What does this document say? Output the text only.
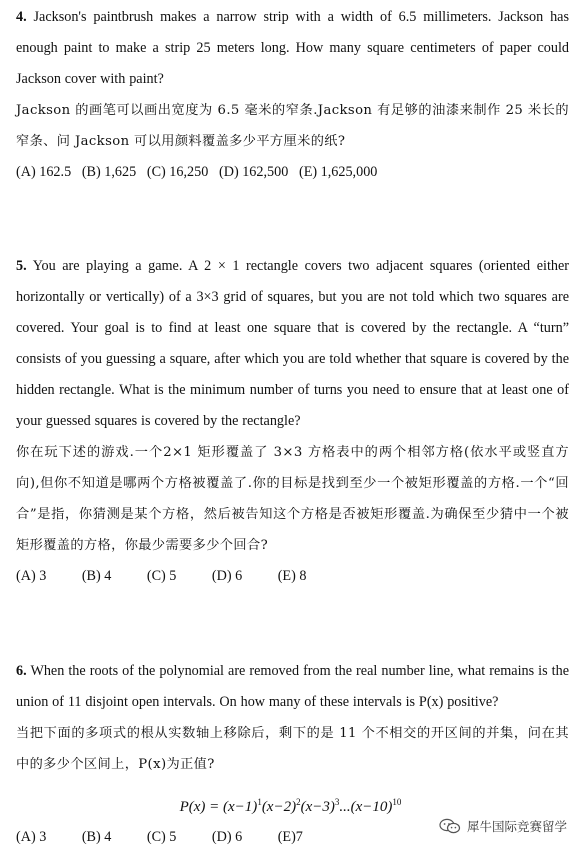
4. Jackson's paintbrush makes a narrow strip with a width of 6.5 millimeters. Jackson has enough paint to make a strip 25 meters long. How many square centimeters of paper could Jackson cover with paint?
Jackson 的画笔可以画出宽度为 6.5 毫米的窄条.Jackson 有足够的油漆来制作 25 米长的窄条、问 Jackson 可以用颜料覆盖多少平方厘米的纸?
(A) 162.5 (B) 1,625 (C) 16,250 (D) 162,500 (E) 1,625,000
5. You are playing a game. A 2 × 1 rectangle covers two adjacent squares (oriented either horizontally or vertically) of a 3×3 grid of squares, but you are not told which two squares are covered. Your goal is to find at least one square that is covered by the rectangle. A “turn” consists of you guessing a square, after which you are told whether that square is covered by the hidden rectangle. What is the minimum number of turns you need to ensure that at least one of your guessed squares is covered by the rectangle?
你在玩下述的游戏.一个2×1 矩形覆盖了 3×3 方格表中的两个相邻方格(依水平或竖直方向),但你不知道是哪两个方格被覆盖了.你的目标是找到至少一个被矩形覆盖的方格.一个“回合”是指，你猜测是某个方格，然后被告知这个方格是否被矩形覆盖.为确保至少猜中一个被矩形覆盖的方格，你最少需要多少个回合?
(A) 3 (B) 4 (C) 5 (D) 6 (E) 8
6. When the roots of the polynomial are removed from the real number line, what remains is the union of 11 disjoint open intervals. On how many of these intervals is P(x) positive?
当把下面的多项式的根从实数轴上移除后，剩下的是 11 个不相交的开区间的并集，问在其中的多少个区间上，P(x)为正值?
$P(x) = (x-1)^1(x-2)^2(x-3)^3...(x-10)^{10}$
(A) 3 (B) 4 (C) 5 (D) 6 (E)7
犀牛国际竞赛留学
